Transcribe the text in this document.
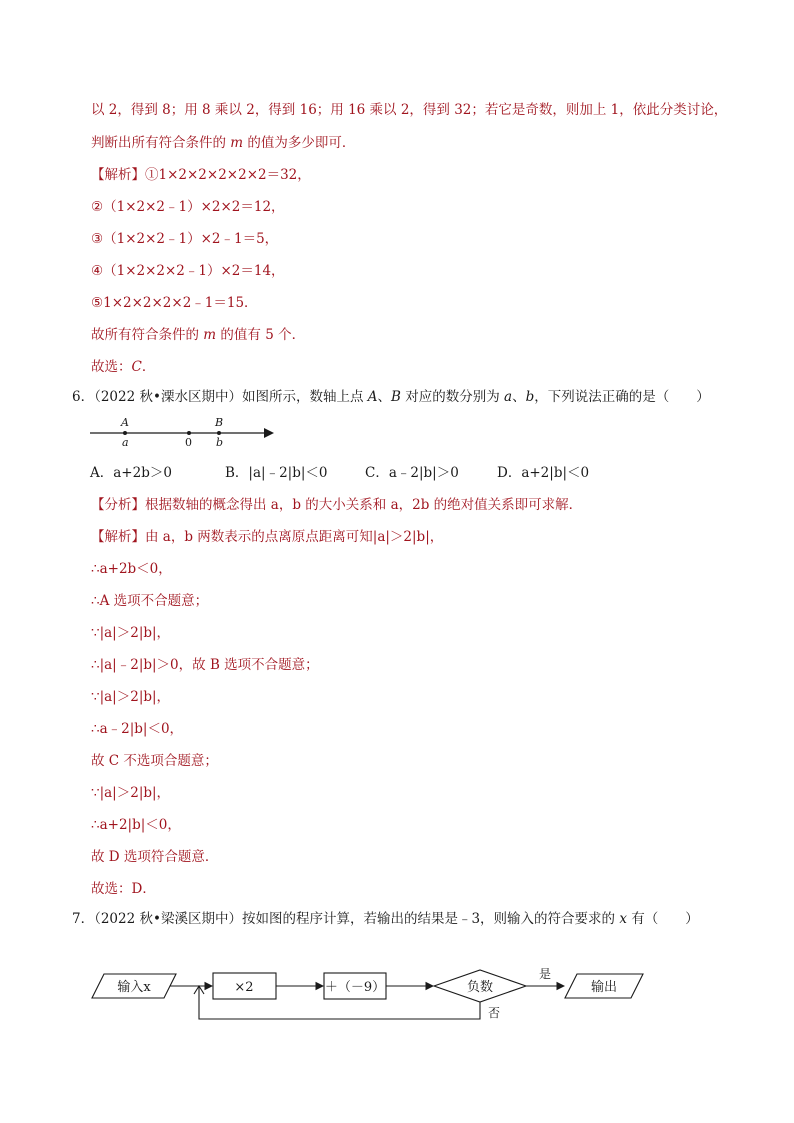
以 2，得到 8；用 8 乘以 2，得到 16；用 16 乘以 2，得到 32；若它是奇数，则加上 1，依此分类讨论，
判断出所有符合条件的 m 的值为多少即可．
【解析】①1×2×2×2×2×2＝32，
②（1×2×2﹣1）×2×2＝12，
③（1×2×2﹣1）×2﹣1＝5，
④（1×2×2×2﹣1）×2＝14，
⑤1×2×2×2×2﹣1＝15．
故所有符合条件的 m 的值有 5 个．
故选：C．
6．（2022 秋•溧水区期中）如图所示，数轴上点 A、B 对应的数分别为 a、b，下列说法正确的是（　　）
A
a	0
B
b
A．a+2b＞0	B．|a|﹣2|b|＜0	C．a﹣2|b|＞0	D．a+2|b|＜0
【分析】根据数轴的概念得出 a，b 的大小关系和 a，2b 的绝对值关系即可求解．
【解析】由 a，b 两数表示的点离原点距离可知|a|＞2|b|，
∴a+2b＜0，
∴A 选项不合题意；
∵|a|＞2|b|，
∴|a|﹣2|b|＞0，故 B 选项不合题意；
∵|a|＞2|b|，
∴a﹣2|b|＜0，
故 C 不选项合题意；
∵|a|＞2|b|，
∴a+2|b|＜0，
故 D 选项符合题意．
故选：D．
7．（2022 秋•梁溪区期中）按如图的程序计算，若输出的结果是﹣3，则输入的符合要求的 x 有（　　）
输入x	×2	＋（－9）	负数
是
输出
否
